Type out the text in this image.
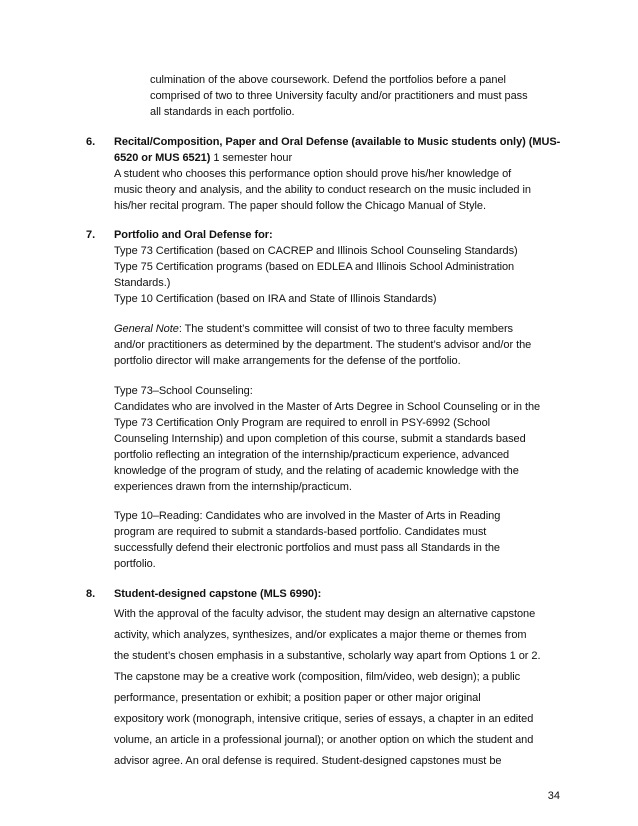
culmination of the above coursework. Defend the portfolios before a panel
comprised of two to three University faculty and/or practitioners and must pass
all standards in each portfolio.
6. Recital/Composition, Paper and Oral Defense (available to Music students only) (MUS-
6520 or MUS 6521) 1 semester hour
A student who chooses this performance option should prove his/her knowledge of
music theory and analysis, and the ability to conduct research on the music included in
his/her recital program. The paper should follow the Chicago Manual of Style.
7. Portfolio and Oral Defense for:
Type 73 Certification (based on CACREP and Illinois School Counseling Standards)
Type 75 Certification programs (based on EDLEA and Illinois School Administration
Standards.)
Type 10 Certification (based on IRA and State of Illinois Standards)
General Note: The student’s committee will consist of two to three faculty members
and/or practitioners as determined by the department. The student’s advisor and/or the
portfolio director will make arrangements for the defense of the portfolio.
Type 73–School Counseling:
Candidates who are involved in the Master of Arts Degree in School Counseling or in the
Type 73 Certification Only Program are required to enroll in PSY-6992 (School
Counseling Internship) and upon completion of this course, submit a standards based
portfolio reflecting an integration of the internship/practicum experience, advanced
knowledge of the program of study, and the relating of academic knowledge with the
experiences drawn from the internship/practicum.
Type 10–Reading: Candidates who are involved in the Master of Arts in Reading
program are required to submit a standards-based portfolio. Candidates must
successfully defend their electronic portfolios and must pass all Standards in the
portfolio.
8. Student-designed capstone (MLS 6990):
With the approval of the faculty advisor, the student may design an alternative capstone
activity, which analyzes, synthesizes, and/or explicates a major theme or themes from
the student’s chosen emphasis in a substantive, scholarly way apart from Options 1 or 2.
The capstone may be a creative work (composition, film/video, web design); a public
performance, presentation or exhibit; a position paper or other major original
expository work (monograph, intensive critique, series of essays, a chapter in an edited
volume, an article in a professional journal); or another option on which the student and
advisor agree. An oral defense is required. Student-designed capstones must be
34
